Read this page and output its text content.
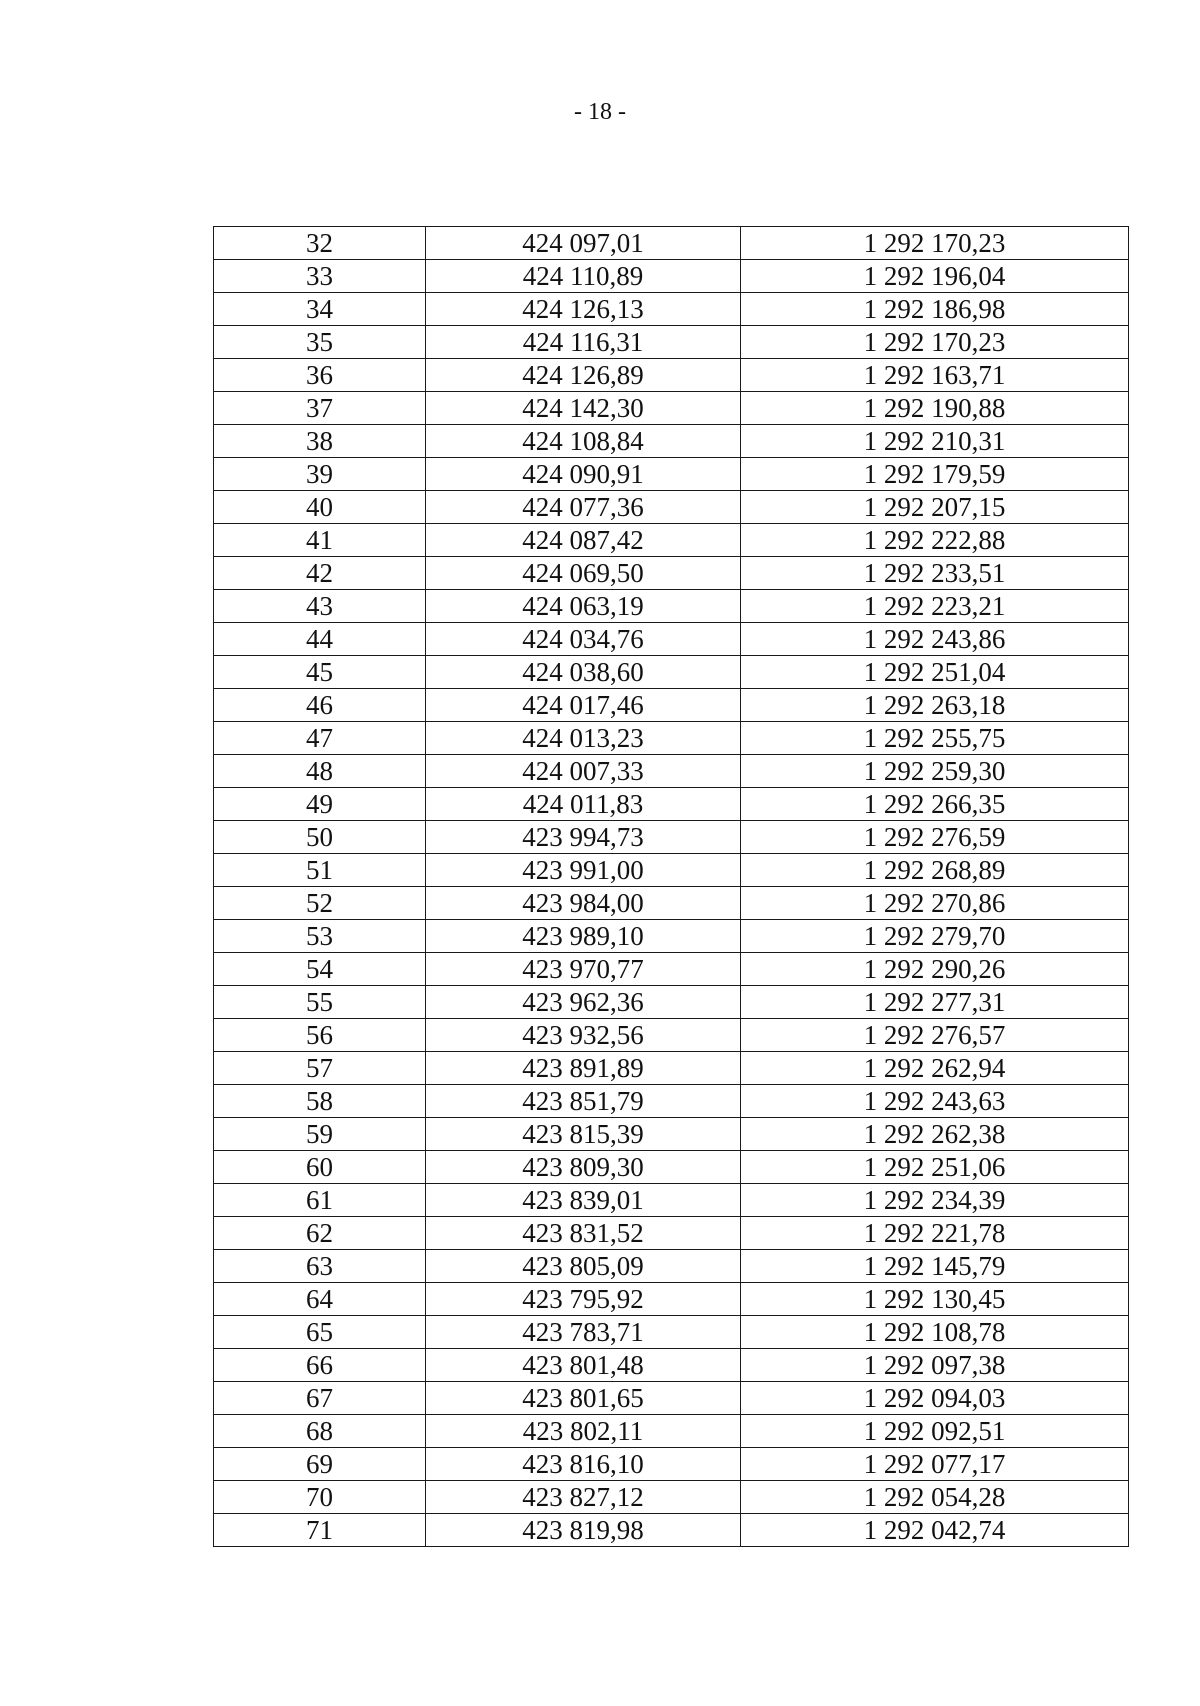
- 18 -
32	424 097,01	1 292 170,23
33	424 110,89	1 292 196,04
34	424 126,13	1 292 186,98
35	424 116,31	1 292 170,23
36	424 126,89	1 292 163,71
37	424 142,30	1 292 190,88
38	424 108,84	1 292 210,31
39	424 090,91	1 292 179,59
40	424 077,36	1 292 207,15
41	424 087,42	1 292 222,88
42	424 069,50	1 292 233,51
43	424 063,19	1 292 223,21
44	424 034,76	1 292 243,86
45	424 038,60	1 292 251,04
46	424 017,46	1 292 263,18
47	424 013,23	1 292 255,75
48	424 007,33	1 292 259,30
49	424 011,83	1 292 266,35
50	423 994,73	1 292 276,59
51	423 991,00	1 292 268,89
52	423 984,00	1 292 270,86
53	423 989,10	1 292 279,70
54	423 970,77	1 292 290,26
55	423 962,36	1 292 277,31
56	423 932,56	1 292 276,57
57	423 891,89	1 292 262,94
58	423 851,79	1 292 243,63
59	423 815,39	1 292 262,38
60	423 809,30	1 292 251,06
61	423 839,01	1 292 234,39
62	423 831,52	1 292 221,78
63	423 805,09	1 292 145,79
64	423 795,92	1 292 130,45
65	423 783,71	1 292 108,78
66	423 801,48	1 292 097,38
67	423 801,65	1 292 094,03
68	423 802,11	1 292 092,51
69	423 816,10	1 292 077,17
70	423 827,12	1 292 054,28
71	423 819,98	1 292 042,74
